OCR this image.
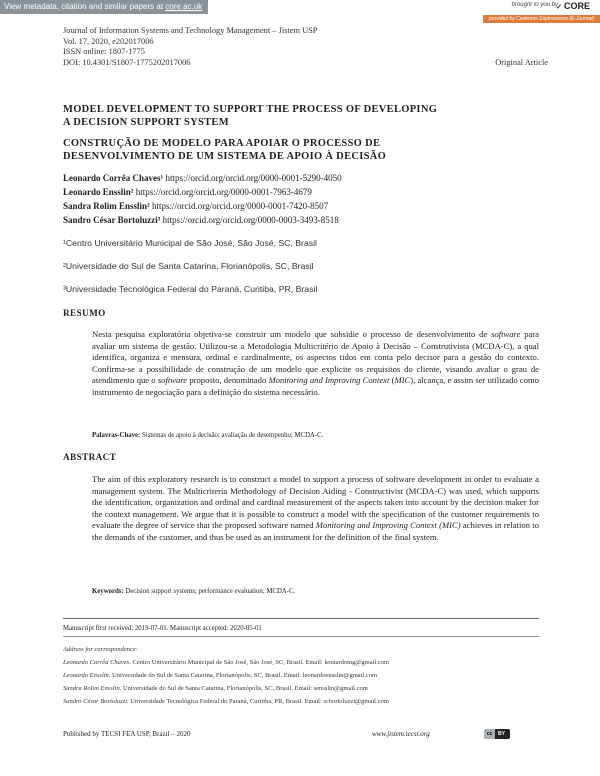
View metadata, citation and similar papers at core.ac.uk	brought to you by
✓ CORE
provided by Cadernos Espinosanos (E-Journal)
Journal of Information Systems and Technology Management – Jistem USP
Vol. 17, 2020, e202017006
ISSN online: 1807-1775
DOI: 10.4301/S1807-1775202017006	Original Article
MODEL DEVELOPMENT TO SUPPORT THE PROCESS OF DEVELOPING
A DECISION SUPPORT SYSTEM
CONSTRUÇÃO DE MODELO PARA APOIAR O PROCESSO DE
DESENVOLVIMENTO DE UM SISTEMA DE APOIO À DECISÃO
Leonardo Corrêa Chaves¹ https://orcid.org/orcid.org/0000-0001-5290-4050
Leonardo Ensslin² https://orcid.org/orcid.org/0000-0001-7963-4679
Sandra Rolim Ensslin² https://orcid.org/orcid.org/0000-0001-7420-8507
Sandro César Bortoluzzi³ https://orcid.org/orcid.org/0000-0003-3493-8518
¹Centro Universitário Municipal de São José, São José, SC, Brasil
²Universidade do Sul de Santa Catarina, Florianópolis, SC, Brasil
³Universidade Tecnológica Federal do Paraná, Curitiba, PR, Brasil
RESUMO
Nesta pesquisa exploratória objetiva-se construir um modelo que subsidie o processo de desenvolvimento de software para avaliar um sistema de gestão. Utilizou-se a Metodologia Multicritério de Apoio à Decisão – Construtivista (MCDA-C), a qual identifica, organiza e mensura, ordinal e cardinalmente, os aspectos tidos em conta pelo decisor para a gestão do contexto. Confirma-se a possibilidade de construção de um modelo que explicite os requisitos do cliente, visando avaliar o grau de atendimento que o software proposto, denominado Monitoring and Improving Context (MIC), alcança, e assim ser utilizado como instrumento de negociação para a definição do sistema necessário.
Palavras-Chave: Sistemas de apoio à decisão; avaliação de desempenho; MCDA-C.
ABSTRACT
The aim of this exploratory research is to construct a model to support a process of software development in order to evaluate a management system. The Multicriteria Methodology of Decision Aiding - Constructivist (MCDA-C) was used, which supports the identification, organization and ordinal and cardinal measurement of the aspects taken into account by the decision maker for the context management. We argue that it is possible to construct a model with the specification of the customer requirements to evaluate the degree of service that the proposed software named Monitoring and Improving Context (MIC) achieves in relation to the demands of the customer, and thus be used as an instrument for the definition of the final system.
Keywords: Decision support systems; performance evaluation; MCDA-C.
Manuscript first received: 2019-07-01. Manuscript accepted: 2020-05-01
Address for correspondence:
Leonardo Corrêa Chaves. Centro Universitário Municipal de São José, São José, SC, Brasil. Email: leonardomg@gmail.com
Leonardo Ensslin. Universidade do Sul de Santa Catarina, Florianópolis, SC, Brasil. Email: leonardoensslin@gmail.com
Sandra Rolim Ensslin. Universidade do Sul de Santa Catarina, Florianópolis, SC, Brasil. Email: sensslin@gmail.com
Sandro César Bortoluzzi. Universidade Tecnológica Federal do Paraná, Curitiba, PR, Brasil. Email: scbortoluzzi@gmail.com
Published by TECSI FEA USP, Brazil – 2020	www.jistem.tecsi.org	cc	BY
